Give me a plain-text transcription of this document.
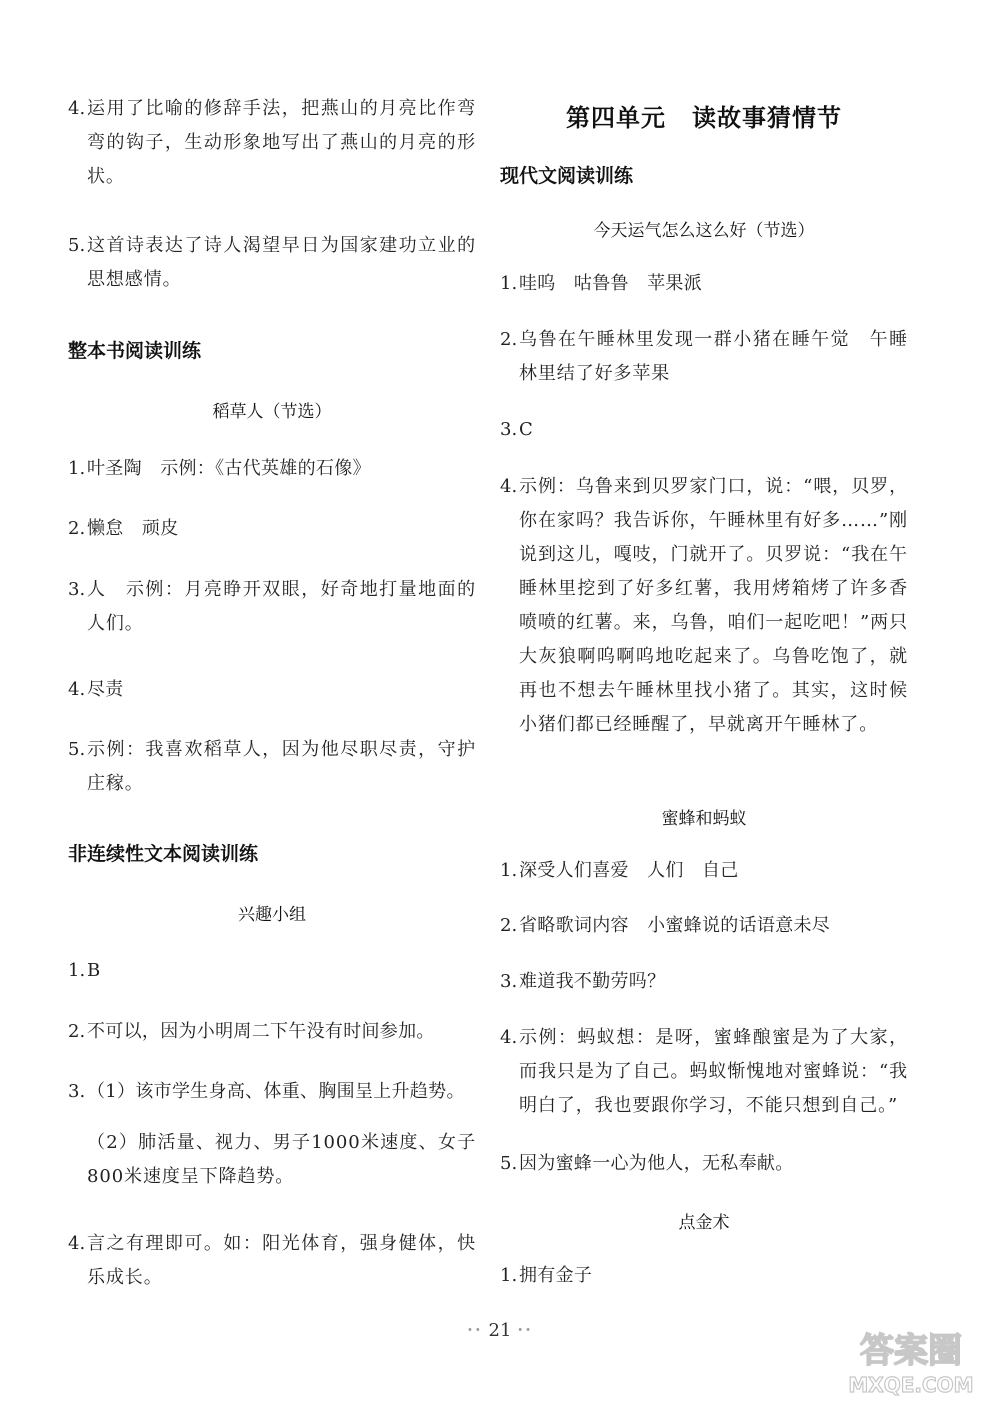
4. 运用了比喻的修辞手法，把燕山的月亮比作弯弯的钩子，生动形象地写出了燕山的月亮的形状。
5. 这首诗表达了诗人渴望早日为国家建功立业的思想感情。
整本书阅读训练
稻草人（节选）
1. 叶圣陶　示例：《古代英雄的石像》
2. 懒怠　顽皮
3. 人　示例：月亮睁开双眼，好奇地打量地面的人们。
4. 尽责
5. 示例：我喜欢稻草人，因为他尽职尽责，守护庄稼。
非连续性文本阅读训练
兴趣小组
1. B
2. 不可以，因为小明周二下午没有时间参加。
3. （1）该市学生身高、体重、胸围呈上升趋势。
（2）肺活量、视力、男子1000米速度、女子800米速度呈下降趋势。
4. 言之有理即可。如：阳光体育，强身健体，快乐成长。
第四单元 读故事猜情节
现代文阅读训练
今天运气怎么这么好（节选）
1. 哇呜　咕鲁鲁　苹果派
2. 乌鲁在午睡林里发现一群小猪在睡午觉　午睡林里结了好多苹果
3. C
4. 示例：乌鲁来到贝罗家门口，说：“喂，贝罗，你在家吗？我告诉你，午睡林里有好多……”刚说到这儿，嘎吱，门就开了。贝罗说：“我在午睡林里挖到了好多红薯，我用烤箱烤了许多香喷喷的红薯。来，乌鲁，咱们一起吃吧！”两只大灰狼啊呜啊呜地吃起来了。乌鲁吃饱了，就再也不想去午睡林里找小猪了。其实，这时候小猪们都已经睡醒了，早就离开午睡林了。
蜜蜂和蚂蚁
1. 深受人们喜爱　人们　自己
2. 省略歌词内容　小蜜蜂说的话语意未尽
3. 难道我不勤劳吗？
4. 示例：蚂蚁想：是呀，蜜蜂酿蜜是为了大家，而我只是为了自己。蚂蚁惭愧地对蜜蜂说：“我明白了，我也要跟你学习，不能只想到自己。”
5. 因为蜜蜂一心为他人，无私奉献。
点金术
1. 拥有金子
•• 21 ••	答案圈
MXQE.COM
